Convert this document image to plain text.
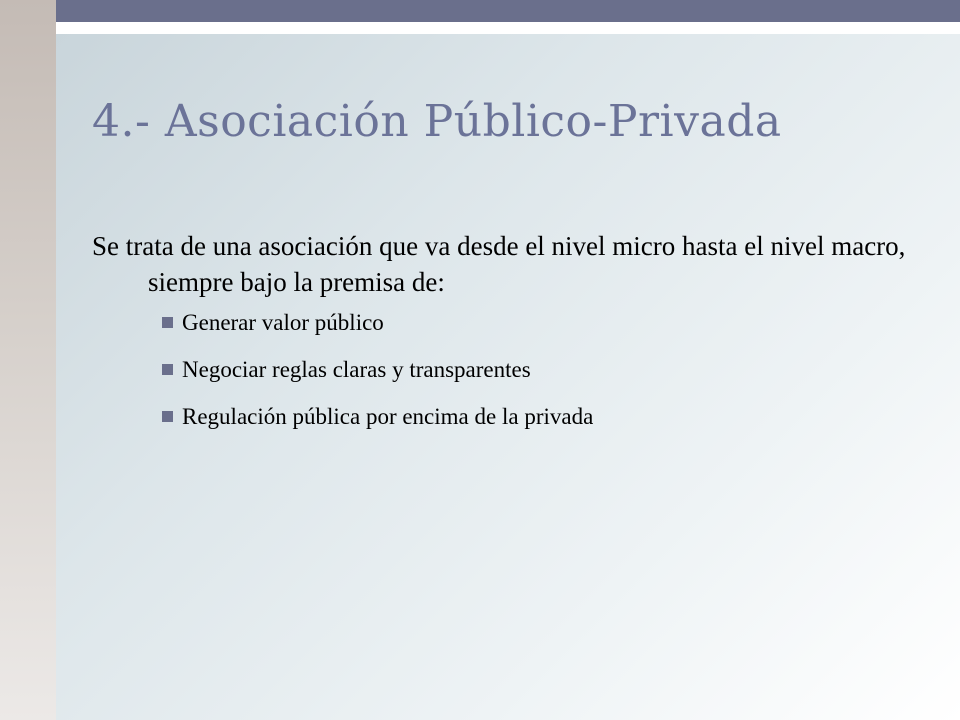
4.- Asociación Público-Privada

Se trata de una asociación que va desde el nivel micro hasta el nivel macro, siempre bajo la premisa de:

Generar valor público
Negociar reglas claras y transparentes
Regulación pública por encima de la privada
